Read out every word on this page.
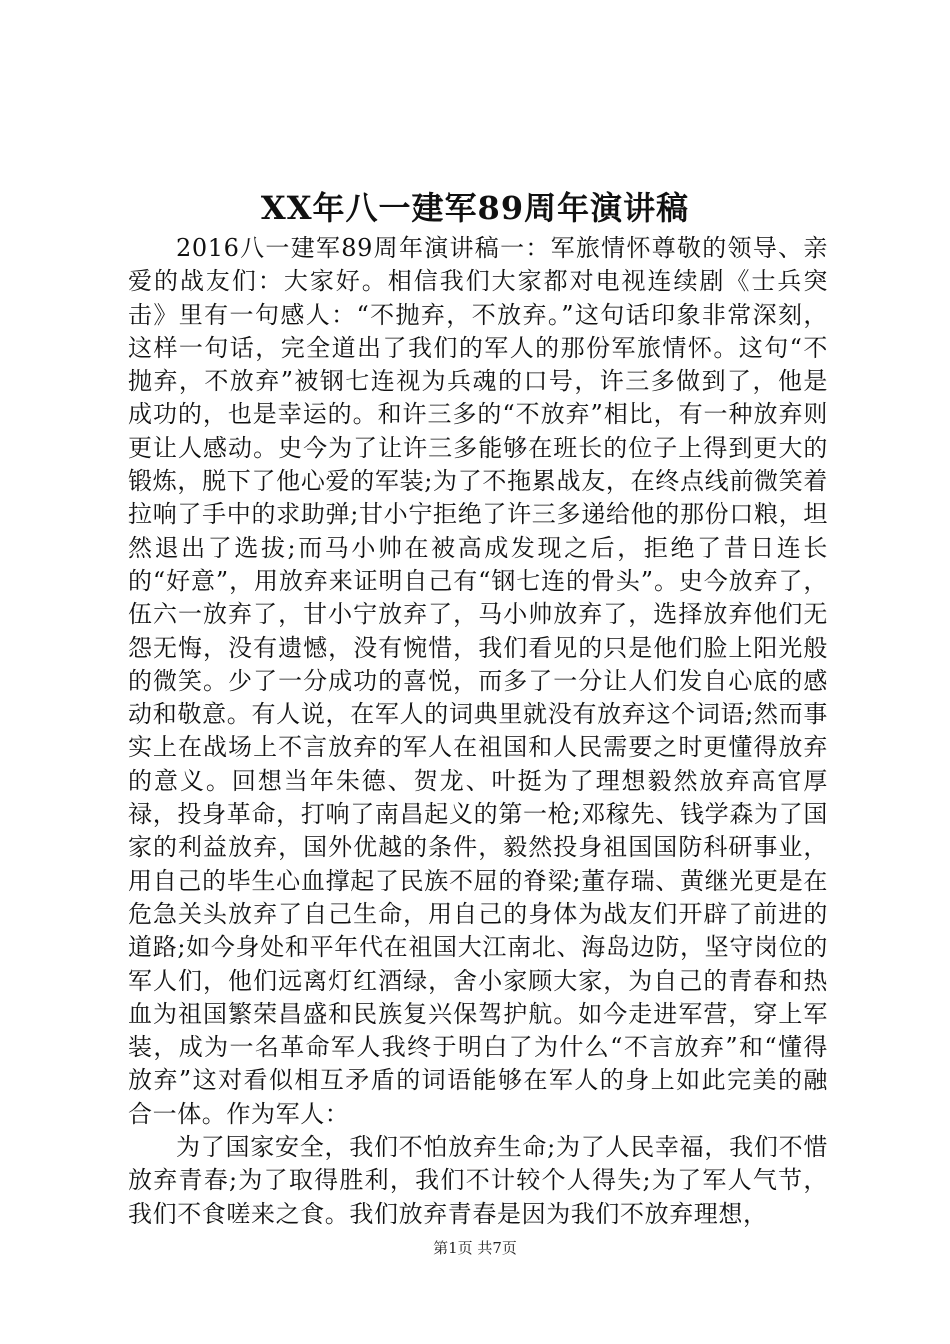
XX年八一建军89周年演讲稿

2016八一建军89周年演讲稿一：军旅情怀尊敬的领导、亲爱的战友们：大家好。相信我们大家都对电视连续剧《士兵突击》里有一句感人：“不抛弃，不放弃。”这句话印象非常深刻，这样一句话，完全道出了我们的军人的那份军旅情怀。这句“不抛弃，不放弃”被钢七连视为兵魂的口号，许三多做到了，他是成功的，也是幸运的。和许三多的“不放弃”相比，有一种放弃则更让人感动。史今为了让许三多能够在班长的位子上得到更大的锻炼，脱下了他心爱的军装;为了不拖累战友，在终点线前微笑着拉响了手中的求助弹;甘小宁拒绝了许三多递给他的那份口粮，坦然退出了选拔;而马小帅在被高成发现之后，拒绝了昔日连长的“好意”，用放弃来证明自己有“钢七连的骨头”。史今放弃了，伍六一放弃了，甘小宁放弃了，马小帅放弃了，选择放弃他们无怨无悔，没有遗憾，没有惋惜，我们看见的只是他们脸上阳光般的微笑。少了一分成功的喜悦，而多了一分让人们发自心底的感动和敬意。有人说，在军人的词典里就没有放弃这个词语;然而事实上在战场上不言放弃的军人在祖国和人民需要之时更懂得放弃的意义。回想当年朱德、贺龙、叶挺为了理想毅然放弃高官厚禄，投身革命，打响了南昌起义的第一枪;邓稼先、钱学森为了国家的利益放弃，国外优越的条件，毅然投身祖国国防科研事业，用自己的毕生心血撑起了民族不屈的脊梁;董存瑞、黄继光更是在危急关头放弃了自己生命，用自己的身体为战友们开辟了前进的道路;如今身处和平年代在祖国大江南北、海岛边防，坚守岗位的军人们，他们远离灯红酒绿，舍小家顾大家，为自己的青春和热血为祖国繁荣昌盛和民族复兴保驾护航。如今走进军营，穿上军装，成为一名革命军人我终于明白了为什么“不言放弃”和“懂得放弃”这对看似相互矛盾的词语能够在军人的身上如此完美的融合一体。作为军人：

为了国家安全，我们不怕放弃生命;为了人民幸福，我们不惜放弃青春;为了取得胜利，我们不计较个人得失;为了军人气节，我们不食嗟来之食。我们放弃青春是因为我们不放弃理想，

第1页 共7页
